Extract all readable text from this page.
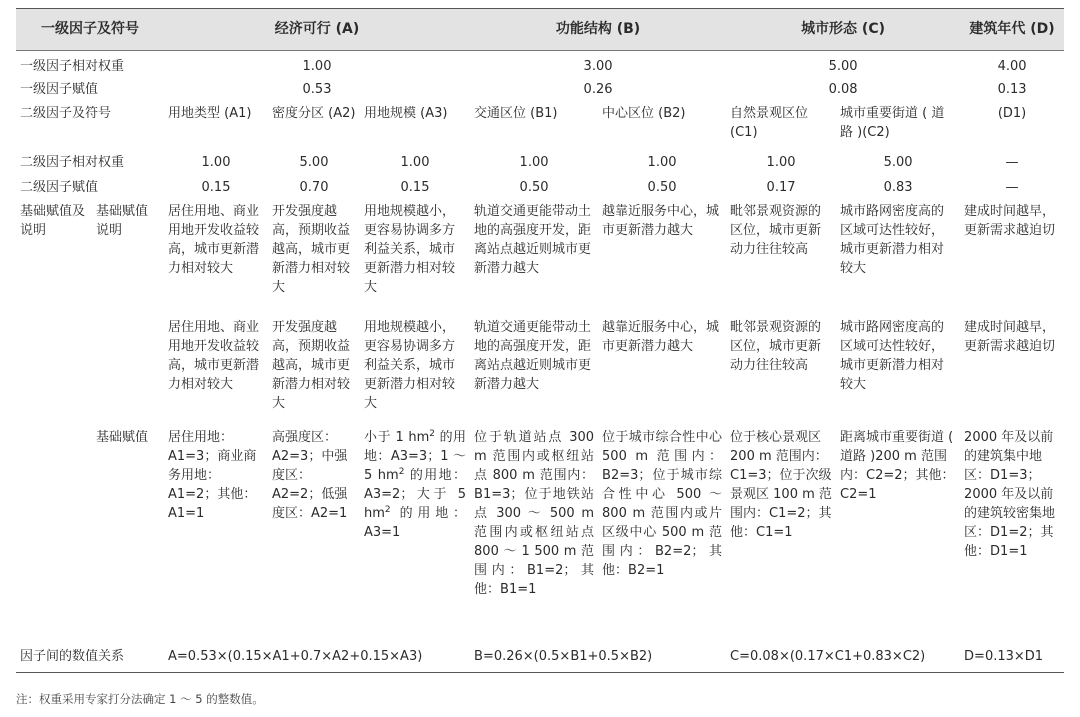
一级因子及符号		经济可行 (A)			功能结构 (B)		城市形态 (C)		建筑年代 (D)
一级因子相对权重		1.00			3.00		5.00		4.00
一级因子赋值		0.53			0.26		0.08		0.13
二级因子及符号		用地类型 (A1)	密度分区 (A2)	用地规模 (A3)	交通区位 (B1)	中心区位 (B2)	自然景观区位 (C1)	城市重要街道 ( 道路 )(C2)	(D1)
二级因子相对权重		1.00	5.00	1.00	1.00	1.00	1.00	5.00	—
二级因子赋值		0.15	0.70	0.15	0.50	0.50	0.17	0.83	—
基础赋值及说明	基础赋值说明	居住用地、商业用地开发收益较高，城市更新潜力相对较大	开发强度越高，预期收益越高，城市更新潜力相对较大	用地规模越小，更容易协调多方利益关系，城市更新潜力相对较大	轨道交通更能带动土地的高强度开发，距离站点越近则城市更新潜力越大	越靠近服务中心，城市更新潜力越大	毗邻景观资源的区位，城市更新动力往往较高	城市路网密度高的区域可达性较好，城市更新潜力相对较大	建成时间越早，更新需求越迫切
		居住用地、商业用地开发收益较高，城市更新潜力相对较大	开发强度越高，预期收益越高，城市更新潜力相对较大	用地规模越小，更容易协调多方利益关系，城市更新潜力相对较大	轨道交通更能带动土地的高强度开发，距离站点越近则城市更新潜力越大	越靠近服务中心，城市更新潜力越大	毗邻景观资源的区位，城市更新动力往往较高	城市路网密度高的区域可达性较好，城市更新潜力相对较大	建成时间越早，更新需求越迫切
	基础赋值	居住用地：A1=3；商业商务用地：A1=2；其他：A1=1	高强度区：A2=3；中强度区：A2=2；低强度区：A2=1	小于 1 $hm^2$ 的用地：A3=3；1 ～ 5 $hm^2$ 的用地：A3=2；大于 5 $hm^2$ 的用地：A3=1	位于轨道站点 300 m 范围内或枢纽站点 800 m 范围内：B1=3；位于地铁站点 300 ～ 500 m 范围内或枢纽站点 800 ～ 1 500 m 范围内：B1=2；其他：B1=1	位于城市综合性中心 500 m 范围内：B2=3；位于城市综合性中心 500 ～ 800 m 范围内或片区级中心 500 m 范围内：B2=2；其他：B2=1	位于核心景观区 200 m 范围内：C1=3；位于次级景观区 100 m 范围内：C1=2；其他：C1=1	距离城市重要街道 ( 道路 )200 m 范围内：C2=2；其他：C2=1	2000 年及以前的建筑集中地区：D1=3；2000 年及以前的建筑较密集地区：D1=2；其他：D1=1
因子间的数值关系		A=0.53×(0.15×A1+0.7×A2+0.15×A3)			B=0.26×(0.5×B1+0.5×B2)		C=0.08×(0.17×C1+0.83×C2)		D=0.13×D1
注：权重采用专家打分法确定 1 ～ 5 的整数值。
